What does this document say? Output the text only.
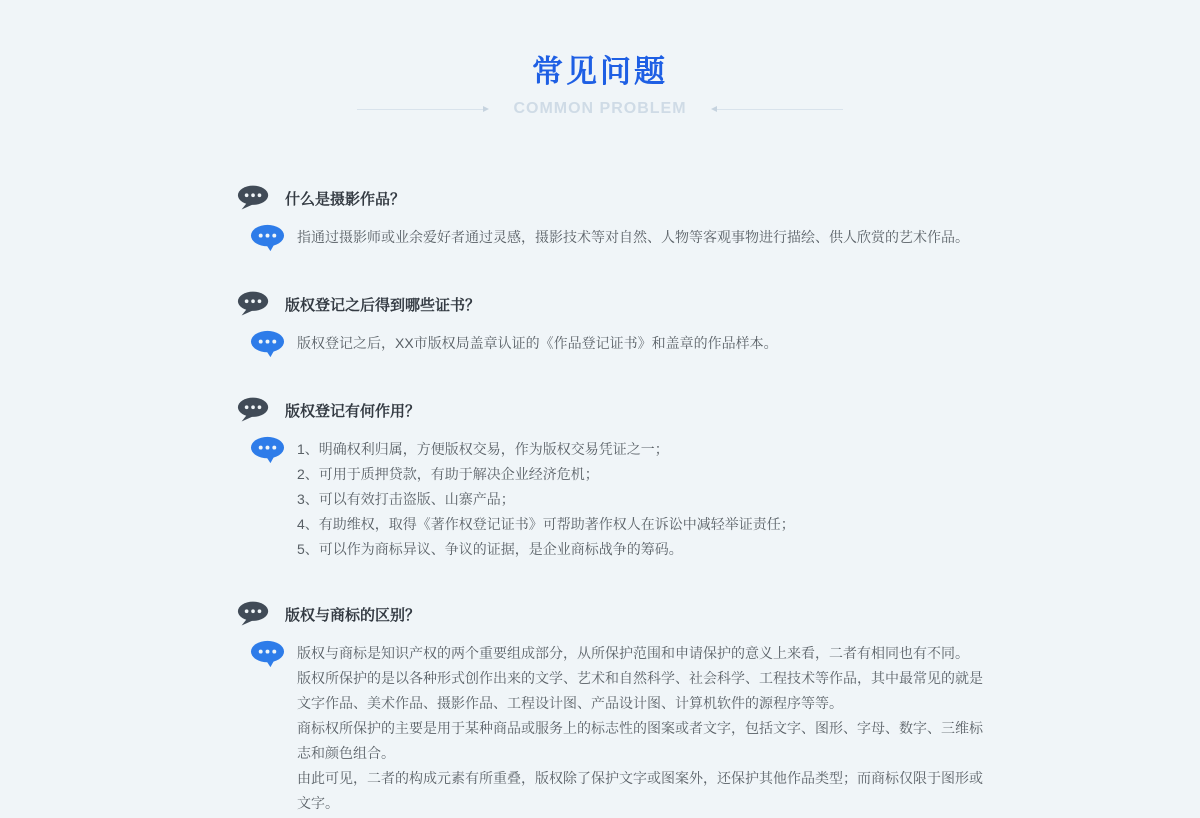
常见问题
COMMON PROBLEM
什么是摄影作品？
指通过摄影师或业余爱好者通过灵感，摄影技术等对自然、人物等客观事物进行描绘、供人欣赏的艺术作品。
版权登记之后得到哪些证书？
版权登记之后，XX市版权局盖章认证的《作品登记证书》和盖章的作品样本。
版权登记有何作用？
1、明确权利归属，方便版权交易，作为版权交易凭证之一；
2、可用于质押贷款，有助于解决企业经济危机；
3、可以有效打击盗版、山寨产品；
4、有助维权，取得《著作权登记证书》可帮助著作权人在诉讼中减轻举证责任；
5、可以作为商标异议、争议的证据，是企业商标战争的筹码。
版权与商标的区别？
版权与商标是知识产权的两个重要组成部分，从所保护范围和申请保护的意义上来看，二者有相同也有不同。
版权所保护的是以各种形式创作出来的文学、艺术和自然科学、社会科学、工程技术等作品，其中最常见的就是文字作品、美术作品、摄影作品、工程设计图、产品设计图、计算机软件的源程序等等。
商标权所保护的主要是用于某种商品或服务上的标志性的图案或者文字，包括文字、图形、字母、数字、三维标志和颜色组合。
由此可见，二者的构成元素有所重叠，版权除了保护文字或图案外，还保护其他作品类型；而商标仅限于图形或文字。
